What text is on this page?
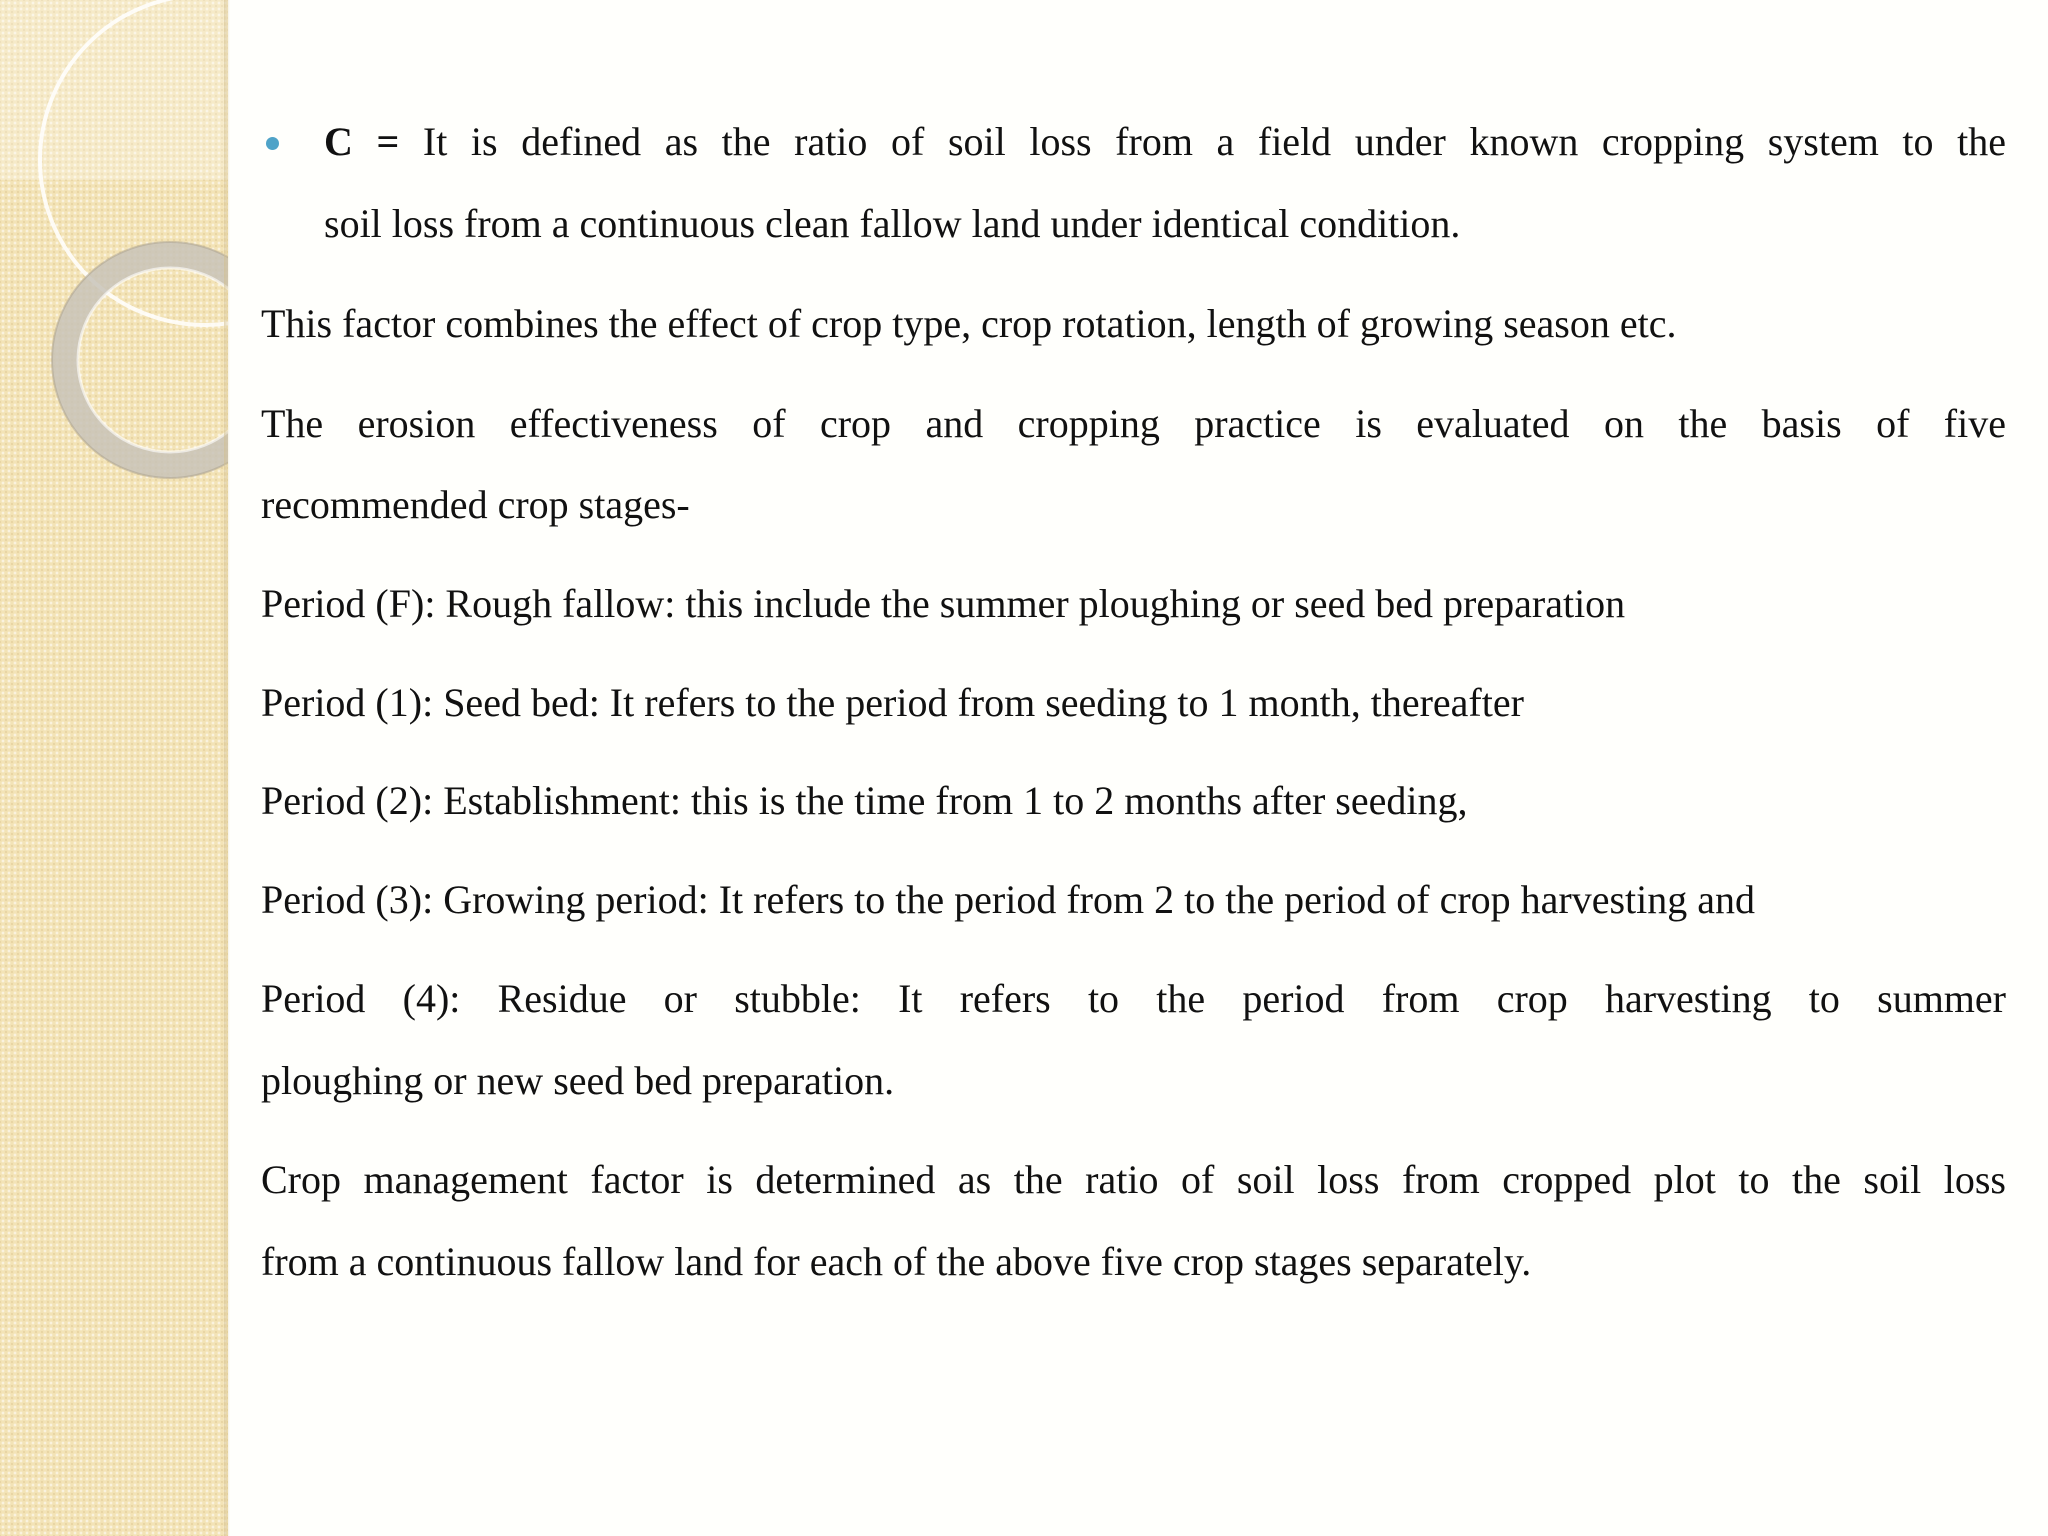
C = It is defined as the ratio of soil loss from a field under known cropping system to the
soil loss from a continuous clean fallow land under identical condition.
This factor combines the effect of crop type, crop rotation, length of growing season etc.
The erosion effectiveness of crop and cropping practice is evaluated on the basis of five
recommended crop stages-
Period (F): Rough fallow: this include the summer ploughing or seed bed preparation
Period (1): Seed bed: It refers to the period from seeding to 1 month, thereafter
Period (2): Establishment: this is the time from 1 to 2 months after seeding,
Period (3): Growing period: It refers to the period from 2 to the period of crop harvesting and
Period (4): Residue or stubble: It refers to the period from crop harvesting to summer
ploughing or new seed bed preparation.
Crop management factor is determined as the ratio of soil loss from cropped plot to the soil loss
from a continuous fallow land for each of the above five crop stages separately.
